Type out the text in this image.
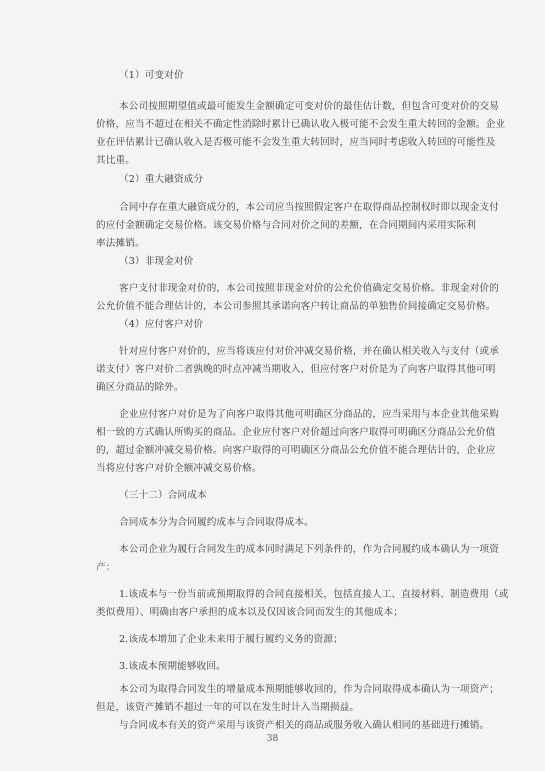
（1）可变对价
本公司按照期望值或最可能发生金额确定可变对价的最佳估计数，但包含可变对价的交易
价格，应当不超过在相关不确定性消除时累计已确认收入极可能不会发生重大转回的金额。企业
业在评估累计已确认收入是否极可能不会发生重大转回时，应当同时考虑收入转回的可能性及
其比重。
（2）重大融资成分
合同中存在重大融资成分的，本公司应当按照假定客户在取得商品控制权时即以现金支付
的应付金额确定交易价格。该交易价格与合同对价之间的差额，在合同期间内采用实际利
率法摊销。
（3）非现金对价
客户支付非现金对价的，本公司按照非现金对价的公允价值确定交易价格。非现金对价的
公允价值不能合理估计的，本公司参照其承诺向客户转让商品的单独售价间接确定交易价格。
（4）应付客户对价
针对应付客户对价的，应当将该应付对价冲减交易价格，并在确认相关收入与支付（或承
诺支付）客户对价二者孰晚的时点冲减当期收入，但应付客户对价是为了向客户取得其他可明
确区分商品的除外。
企业应付客户对价是为了向客户取得其他可明确区分商品的，应当采用与本企业其他采购
相一致的方式确认所购买的商品。企业应付客户对价超过向客户取得可明确区分商品公允价值
的，超过金额冲减交易价格。向客户取得的可明确区分商品公允价值不能合理估计的，企业应
当将应付客户对价全额冲减交易价格。
（三十二）合同成本
合同成本分为合同履约成本与合同取得成本。
本公司企业为履行合同发生的成本同时满足下列条件的，作为合同履约成本确认为一项资
产：
1.该成本与一份当前或预期取得的合同直接相关，包括直接人工、直接材料、制造费用（或
类似费用）、明确由客户承担的成本以及仅因该合同而发生的其他成本；
2.该成本增加了企业未来用于履行履约义务的资源；
3.该成本预期能够收回。
本公司为取得合同发生的增量成本预期能够收回的，作为合同取得成本确认为一项资产；
但是，该资产摊销不超过一年的可以在发生时计入当期损益。
与合同成本有关的资产采用与该资产相关的商品或服务收入确认相同的基础进行摊销。
38
